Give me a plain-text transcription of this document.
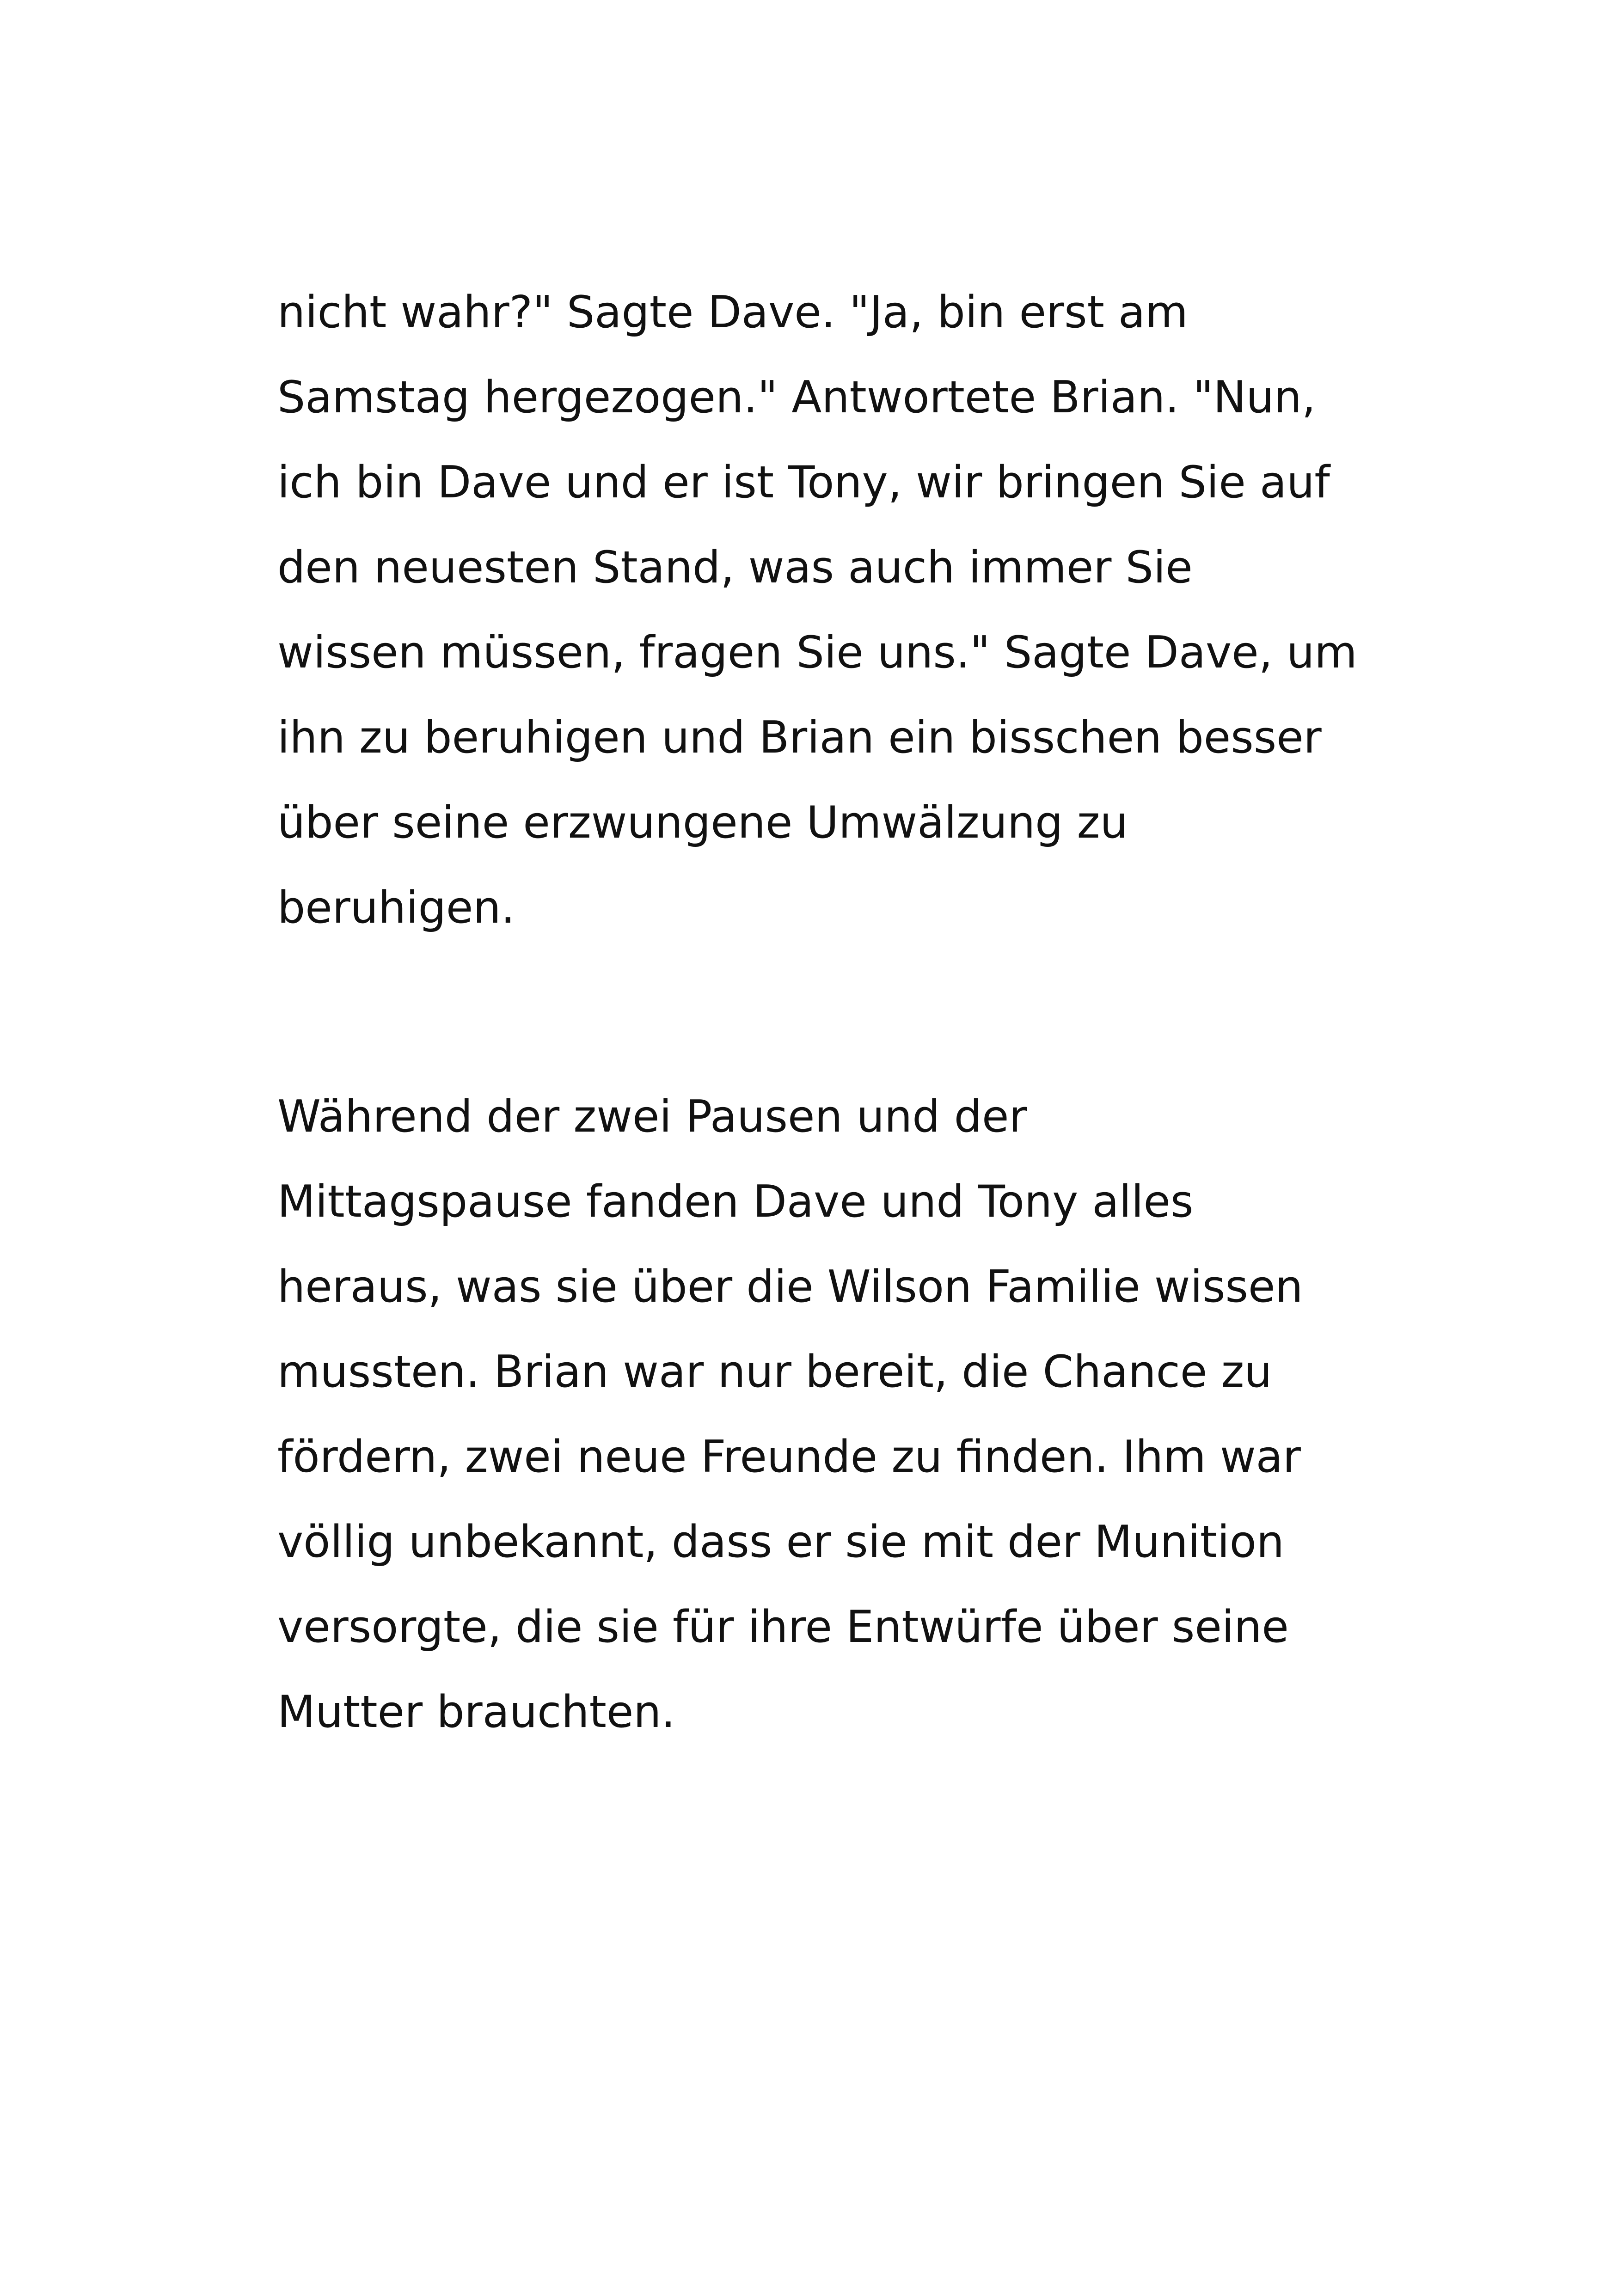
nicht wahr?" Sagte Dave. "Ja, bin erst am
Samstag hergezogen." Antwortete Brian. "Nun,
ich bin Dave und er ist Tony, wir bringen Sie auf
den neuesten Stand, was auch immer Sie
wissen müssen, fragen Sie uns." Sagte Dave, um
ihn zu beruhigen und Brian ein bisschen besser
über seine erzwungene Umwälzung zu
beruhigen.
Während der zwei Pausen und der
Mittagspause fanden Dave und Tony alles
heraus, was sie über die Wilson Familie wissen
mussten. Brian war nur bereit, die Chance zu
fördern, zwei neue Freunde zu finden. Ihm war
völlig unbekannt, dass er sie mit der Munition
versorgte, die sie für ihre Entwürfe über seine
Mutter brauchten.
